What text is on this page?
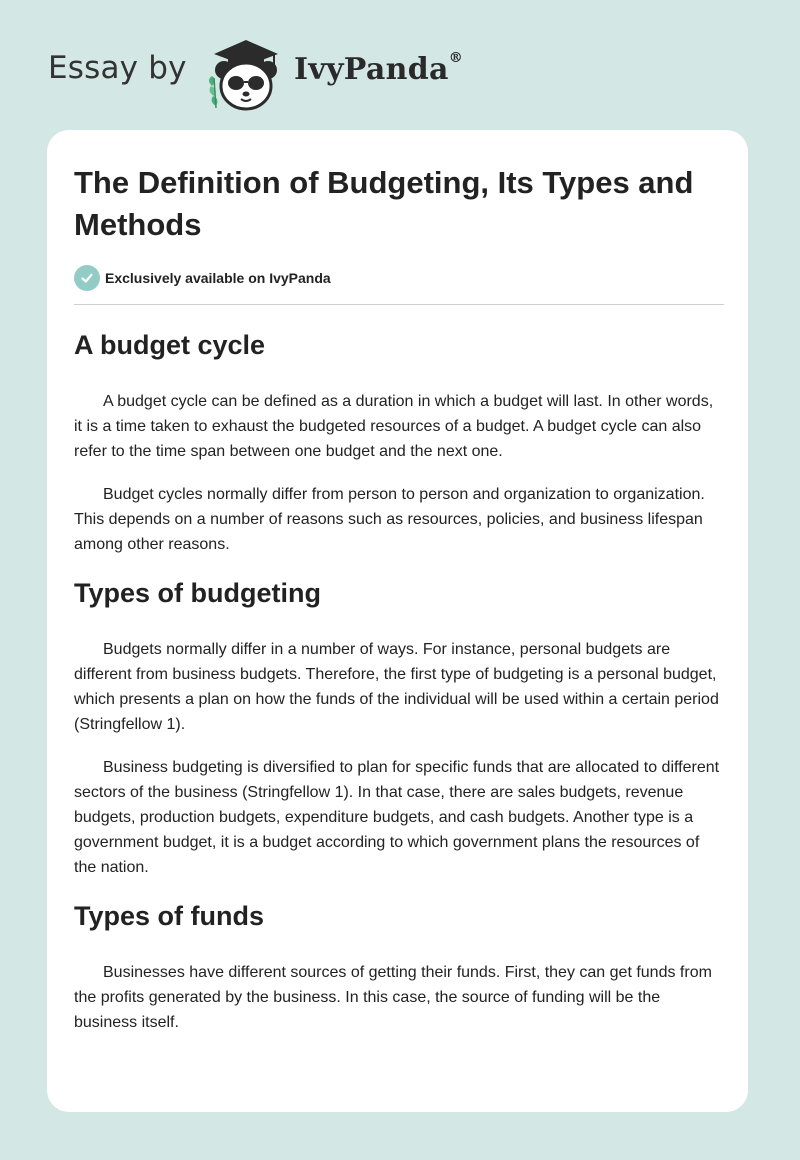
Essay by	IvyPanda®
The Definition of Budgeting, Its Types and Methods
Exclusively available on IvyPanda
A budget cycle

A budget cycle can be defined as a duration in which a budget will last. In other words, it is a time taken to exhaust the budgeted resources of a budget. A budget cycle can also refer to the time span between one budget and the next one.

Budget cycles normally differ from person to person and organization to organization. This depends on a number of reasons such as resources, policies, and business lifespan among other reasons.

Types of budgeting

Budgets normally differ in a number of ways. For instance, personal budgets are different from business budgets. Therefore, the first type of budgeting is a personal budget, which presents a plan on how the funds of the individual will be used within a certain period (Stringfellow 1).

Business budgeting is diversified to plan for specific funds that are allocated to different sectors of the business (Stringfellow 1). In that case, there are sales budgets, revenue budgets, production budgets, expenditure budgets, and cash budgets. Another type is a government budget, it is a budget according to which government plans the resources of the nation.

Types of funds

Businesses have different sources of getting their funds. First, they can get funds from the profits generated by the business. In this case, the source of funding will be the business itself.
